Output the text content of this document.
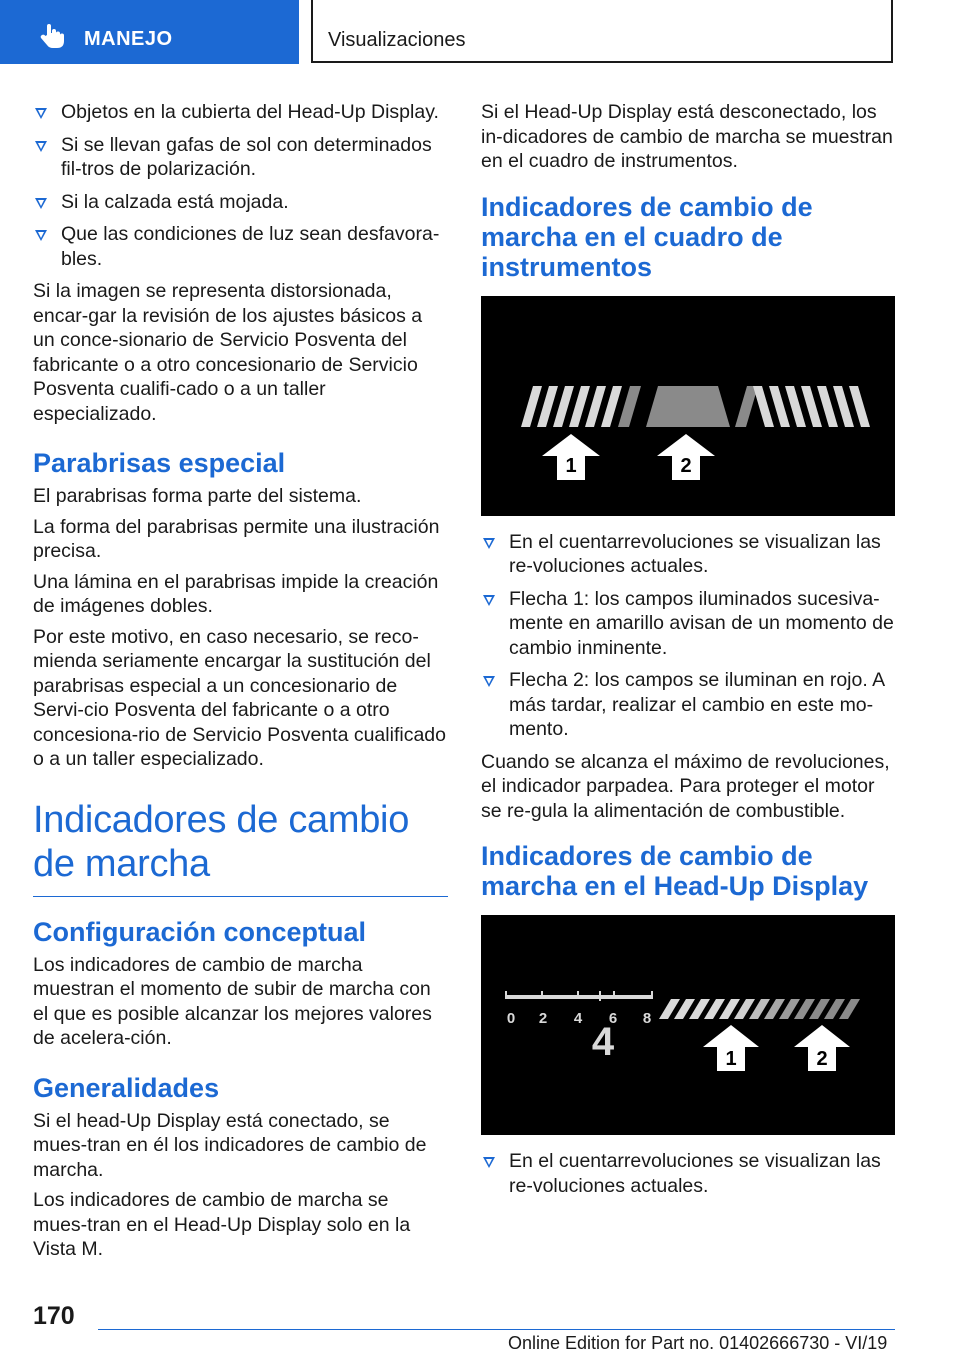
MANEJO	Visualizaciones
Objetos en la cubierta del Head-Up Display.
Si se llevan gafas de sol con determinados fil-tros de polarización.
Si la calzada está mojada.
Que las condiciones de luz sean desfavora-bles.

Si la imagen se representa distorsionada, encar-gar la revisión de los ajustes básicos a un conce-sionario de Servicio Posventa del fabricante o a otro concesionario de Servicio Posventa cualifi-cado o a un taller especializado.

Parabrisas especial

El parabrisas forma parte del sistema.

La forma del parabrisas permite una ilustración precisa.

Una lámina en el parabrisas impide la creación de imágenes dobles.

Por este motivo, en caso necesario, se reco-mienda seriamente encargar la sustitución del parabrisas especial a un concesionario de Servi-cio Posventa del fabricante o a otro concesiona-rio de Servicio Posventa cualificado o a un taller especializado.

Indicadores de cambio de marcha
Configuración conceptual

Los indicadores de cambio de marcha muestran el momento de subir de marcha con el que es posible alcanzar los mejores valores de acelera-ción.

Generalidades

Si el head-Up Display está conectado, se mues-tran en él los indicadores de cambio de marcha.

Los indicadores de cambio de marcha se mues-tran en el Head-Up Display solo en la Vista M.

Si el Head-Up Display está desconectado, los in-dicadores de cambio de marcha se muestran en el cuadro de instrumentos.

Indicadores de cambio de marcha en el cuadro de instrumentos
1	2
En el cuentarrevoluciones se visualizan las re-voluciones actuales.
Flecha 1: los campos iluminados sucesiva-mente en amarillo avisan de un momento de cambio inminente.
Flecha 2: los campos se iluminan en rojo. A más tardar, realizar el cambio en este mo-mento.

Cuando se alcanza el máximo de revoluciones, el indicador parpadea. Para proteger el motor se re-gula la alimentación de combustible.

Indicadores de cambio de marcha en el Head-Up Display
0 2 4 6 8
4	1	2
En el cuentarrevoluciones se visualizan las re-voluciones actuales.
170
Online Edition for Part no. 01402666730 - VI/19
